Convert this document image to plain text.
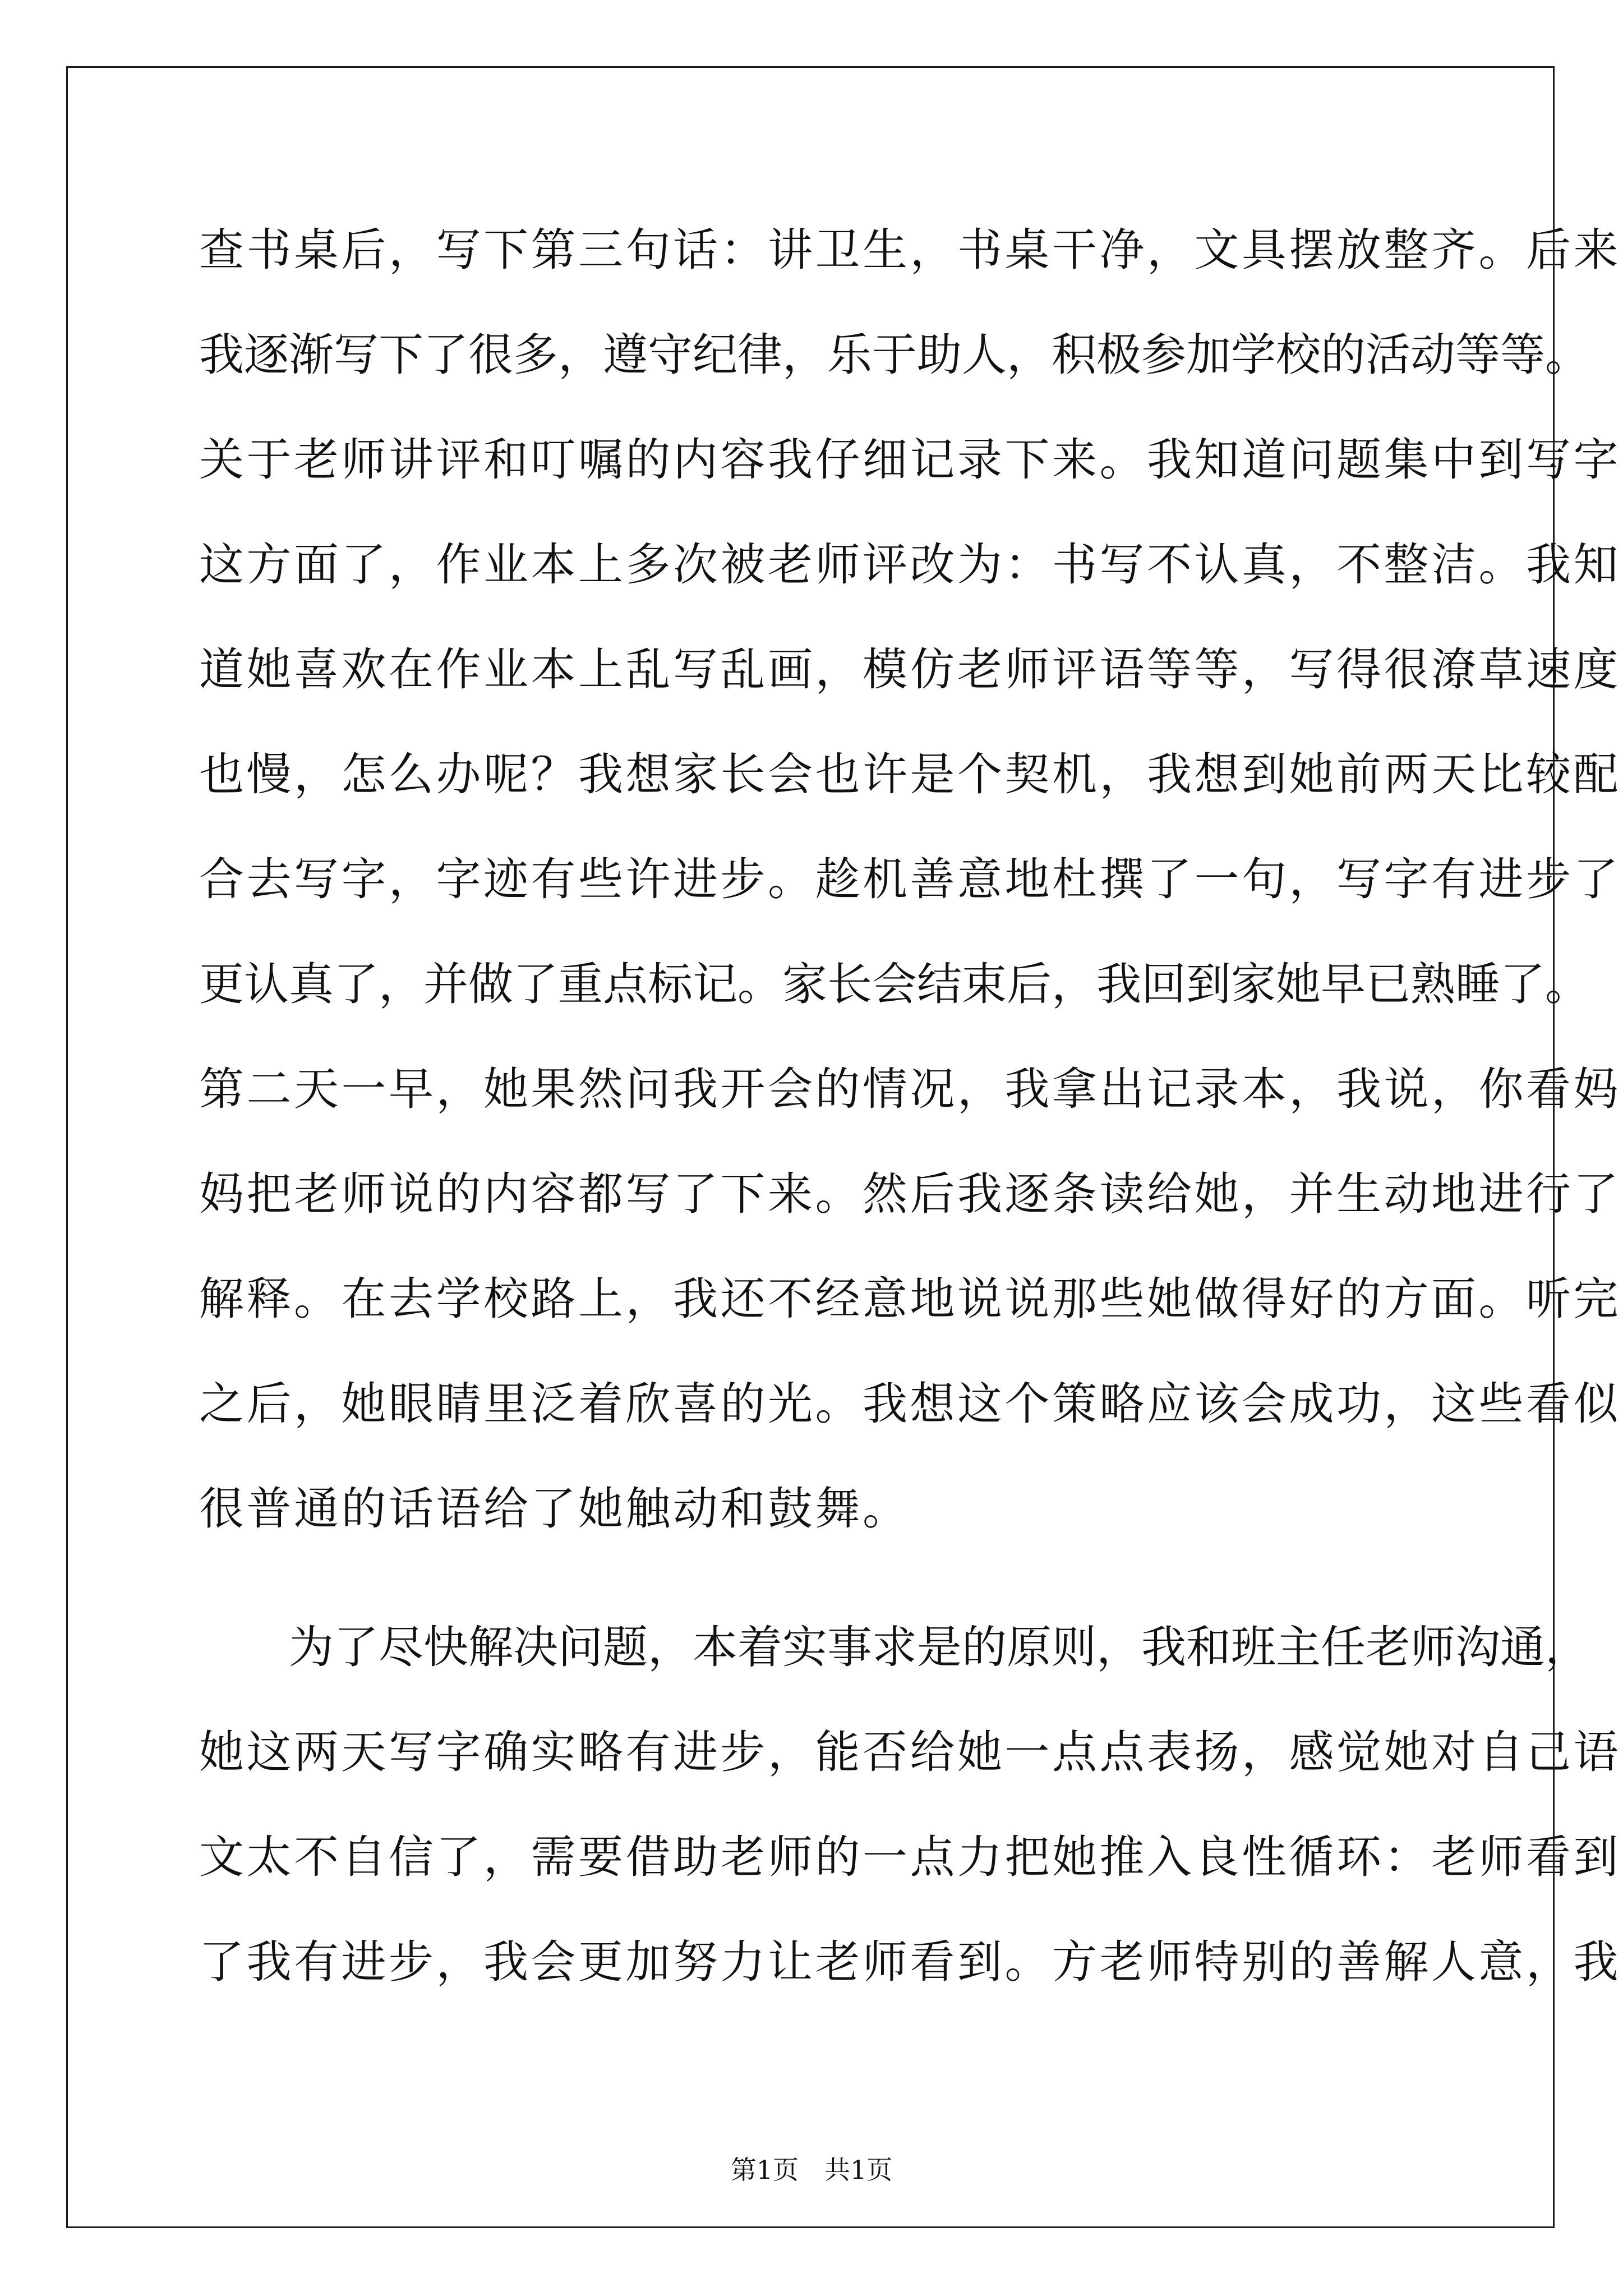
查书桌后，写下第三句话：讲卫生，书桌干净，文具摆放整齐。后来
我逐渐写下了很多，遵守纪律，乐于助人，积极参加学校的活动等等。
关于老师讲评和叮嘱的内容我仔细记录下来。我知道问题集中到写字
这方面了，作业本上多次被老师评改为：书写不认真，不整洁。我知
道她喜欢在作业本上乱写乱画，模仿老师评语等等，写得很潦草速度
也慢，怎么办呢？我想家长会也许是个契机，我想到她前两天比较配
合去写字，字迹有些许进步。趁机善意地杜撰了一句，写字有进步了
更认真了，并做了重点标记。家长会结束后，我回到家她早已熟睡了。
第二天一早，她果然问我开会的情况，我拿出记录本，我说，你看妈
妈把老师说的内容都写了下来。然后我逐条读给她，并生动地进行了
解释。在去学校路上，我还不经意地说说那些她做得好的方面。听完
之后，她眼睛里泛着欣喜的光。我想这个策略应该会成功，这些看似
很普通的话语给了她触动和鼓舞。
为了尽快解决问题，本着实事求是的原则，我和班主任老师沟通，
她这两天写字确实略有进步，能否给她一点点表扬，感觉她对自己语
文太不自信了，需要借助老师的一点力把她推入良性循环：老师看到
了我有进步，我会更加努力让老师看到。方老师特别的善解人意，我
第1页　共1页
